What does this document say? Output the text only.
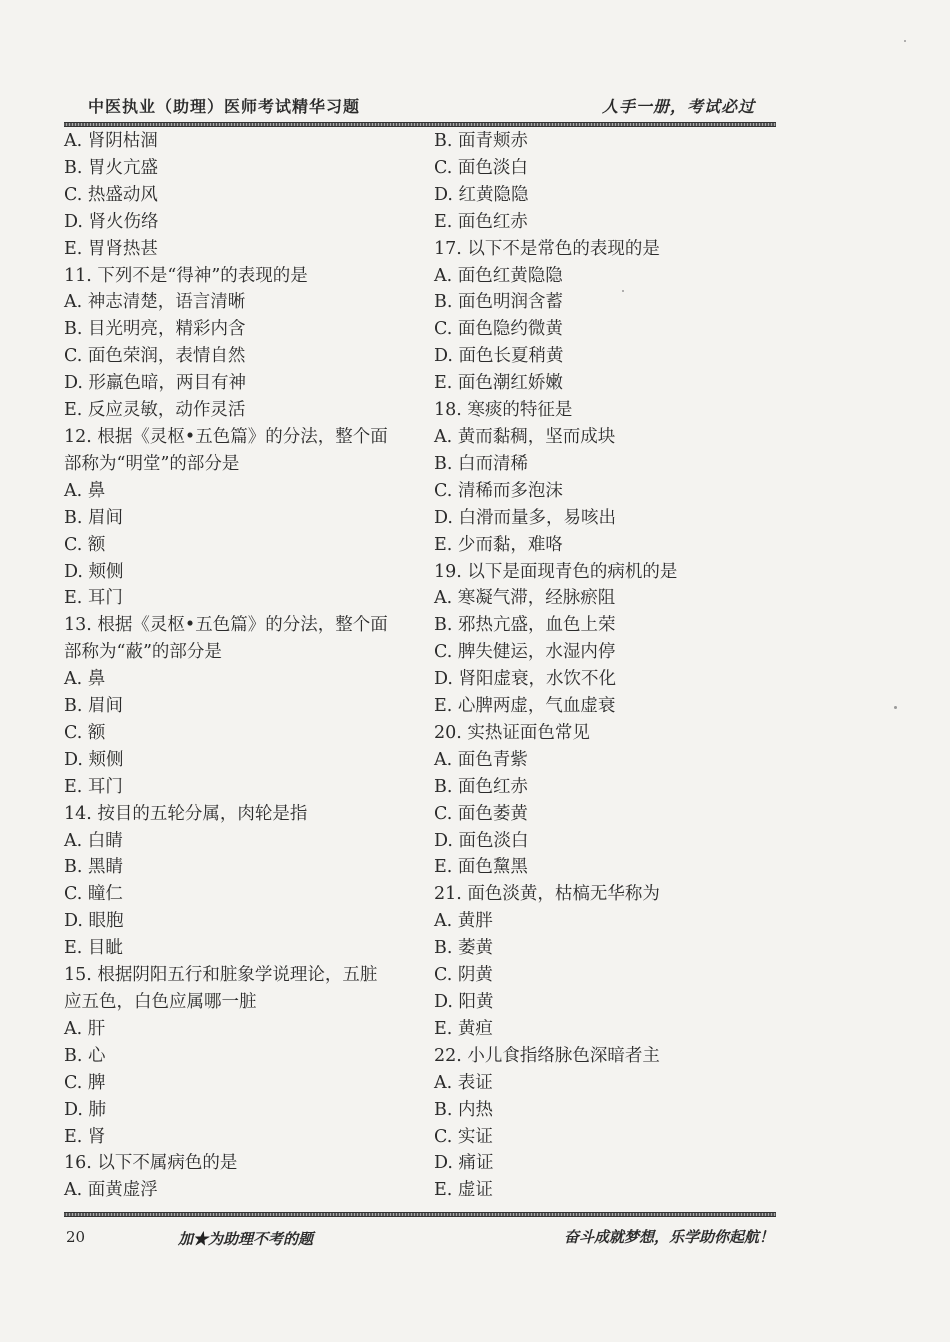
中医执业（助理）医师考试精华习题	人手一册，考试必过
A. 肾阴枯涸
B. 胃火亢盛
C. 热盛动风
D. 肾火伤络
E. 胃肾热甚
11. 下列不是“得神”的表现的是
A. 神志清楚，语言清晰
B. 目光明亮，精彩内含
C. 面色荣润，表情自然
D. 形羸色暗，两目有神
E. 反应灵敏，动作灵活
12. 根据《灵枢•五色篇》的分法，整个面
部称为“明堂”的部分是
A. 鼻
B. 眉间
C. 额
D. 颊侧
E. 耳门
13. 根据《灵枢•五色篇》的分法，整个面
部称为“蔽”的部分是
A. 鼻
B. 眉间
C. 额
D. 颊侧
E. 耳门
14. 按目的五轮分属，肉轮是指
A. 白睛
B. 黑睛
C. 瞳仁
D. 眼胞
E. 目眦
15. 根据阴阳五行和脏象学说理论，五脏
应五色，白色应属哪一脏
A. 肝
B. 心
C. 脾
D. 肺
E. 肾
16. 以下不属病色的是
A. 面黄虚浮
B. 面青颊赤
C. 面色淡白
D. 红黄隐隐
E. 面色红赤
17. 以下不是常色的表现的是
A. 面色红黄隐隐
B. 面色明润含蓄
C. 面色隐约微黄
D. 面色长夏稍黄
E. 面色潮红娇嫩
18. 寒痰的特征是
A. 黄而黏稠，坚而成块
B. 白而清稀
C. 清稀而多泡沫
D. 白滑而量多，易咳出
E. 少而黏，难咯
19. 以下是面现青色的病机的是
A. 寒凝气滞，经脉瘀阻
B. 邪热亢盛，血色上荣
C. 脾失健运，水湿内停
D. 肾阳虚衰，水饮不化
E. 心脾两虚，气血虚衰
20. 实热证面色常见
A. 面色青紫
B. 面色红赤
C. 面色萎黄
D. 面色淡白
E. 面色黧黑
21. 面色淡黄，枯槁无华称为
A. 黄胖
B. 萎黄
C. 阴黄
D. 阳黄
E. 黄疸
22. 小儿食指络脉色深暗者主
A. 表证
B. 内热
C. 实证
D. 痛证
E. 虚证
20	加★为助理不考的题	奋斗成就梦想，乐学助你起航！
